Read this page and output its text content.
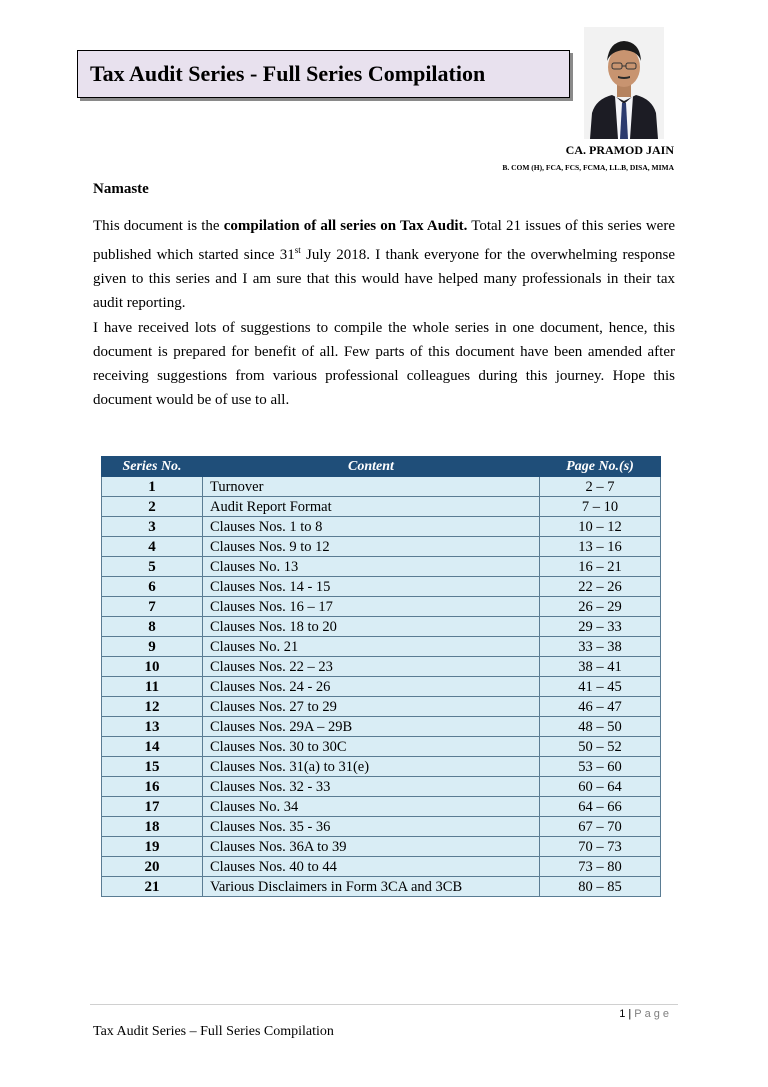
Tax Audit Series - Full Series Compilation
CA. PRAMOD JAIN
B. COM (H), FCA, FCS, FCMA, LL.B, DISA, MIMA
Namaste

This document is the compilation of all series on Tax Audit. Total 21 issues of this series were published which started since 31st July 2018. I thank everyone for the overwhelming response given to this series and I am sure that this would have helped many professionals in their tax audit reporting.

I have received lots of suggestions to compile the whole series in one document, hence, this document is prepared for benefit of all. Few parts of this document have been amended after receiving suggestions from various professional colleagues during this journey. Hope this document would be of use to all.

Series No.	Content	Page No.(s)
1	Turnover	2 – 7
2	Audit Report Format	7 – 10
3	Clauses Nos. 1 to 8	10 – 12
4	Clauses Nos. 9 to 12	13 – 16
5	Clauses No. 13	16 – 21
6	Clauses Nos. 14 - 15	22 – 26
7	Clauses Nos. 16 – 17	26 – 29
8	Clauses Nos. 18 to 20	29 – 33
9	Clauses No. 21	33 – 38
10	Clauses Nos. 22 – 23	38 – 41
11	Clauses Nos. 24 - 26	41 – 45
12	Clauses Nos. 27 to 29	46 – 47
13	Clauses Nos. 29A – 29B	48 – 50
14	Clauses Nos. 30 to 30C	50 – 52
15	Clauses Nos. 31(a) to 31(e)	53 – 60
16	Clauses Nos. 32 - 33	60 – 64
17	Clauses No. 34	64 – 66
18	Clauses Nos. 35 - 36	67 – 70
19	Clauses Nos. 36A to 39	70 – 73
20	Clauses Nos. 40 to 44	73 – 80
21	Various Disclaimers in Form 3CA and 3CB	80 – 85
1 | Page
Tax Audit Series – Full Series Compilation
